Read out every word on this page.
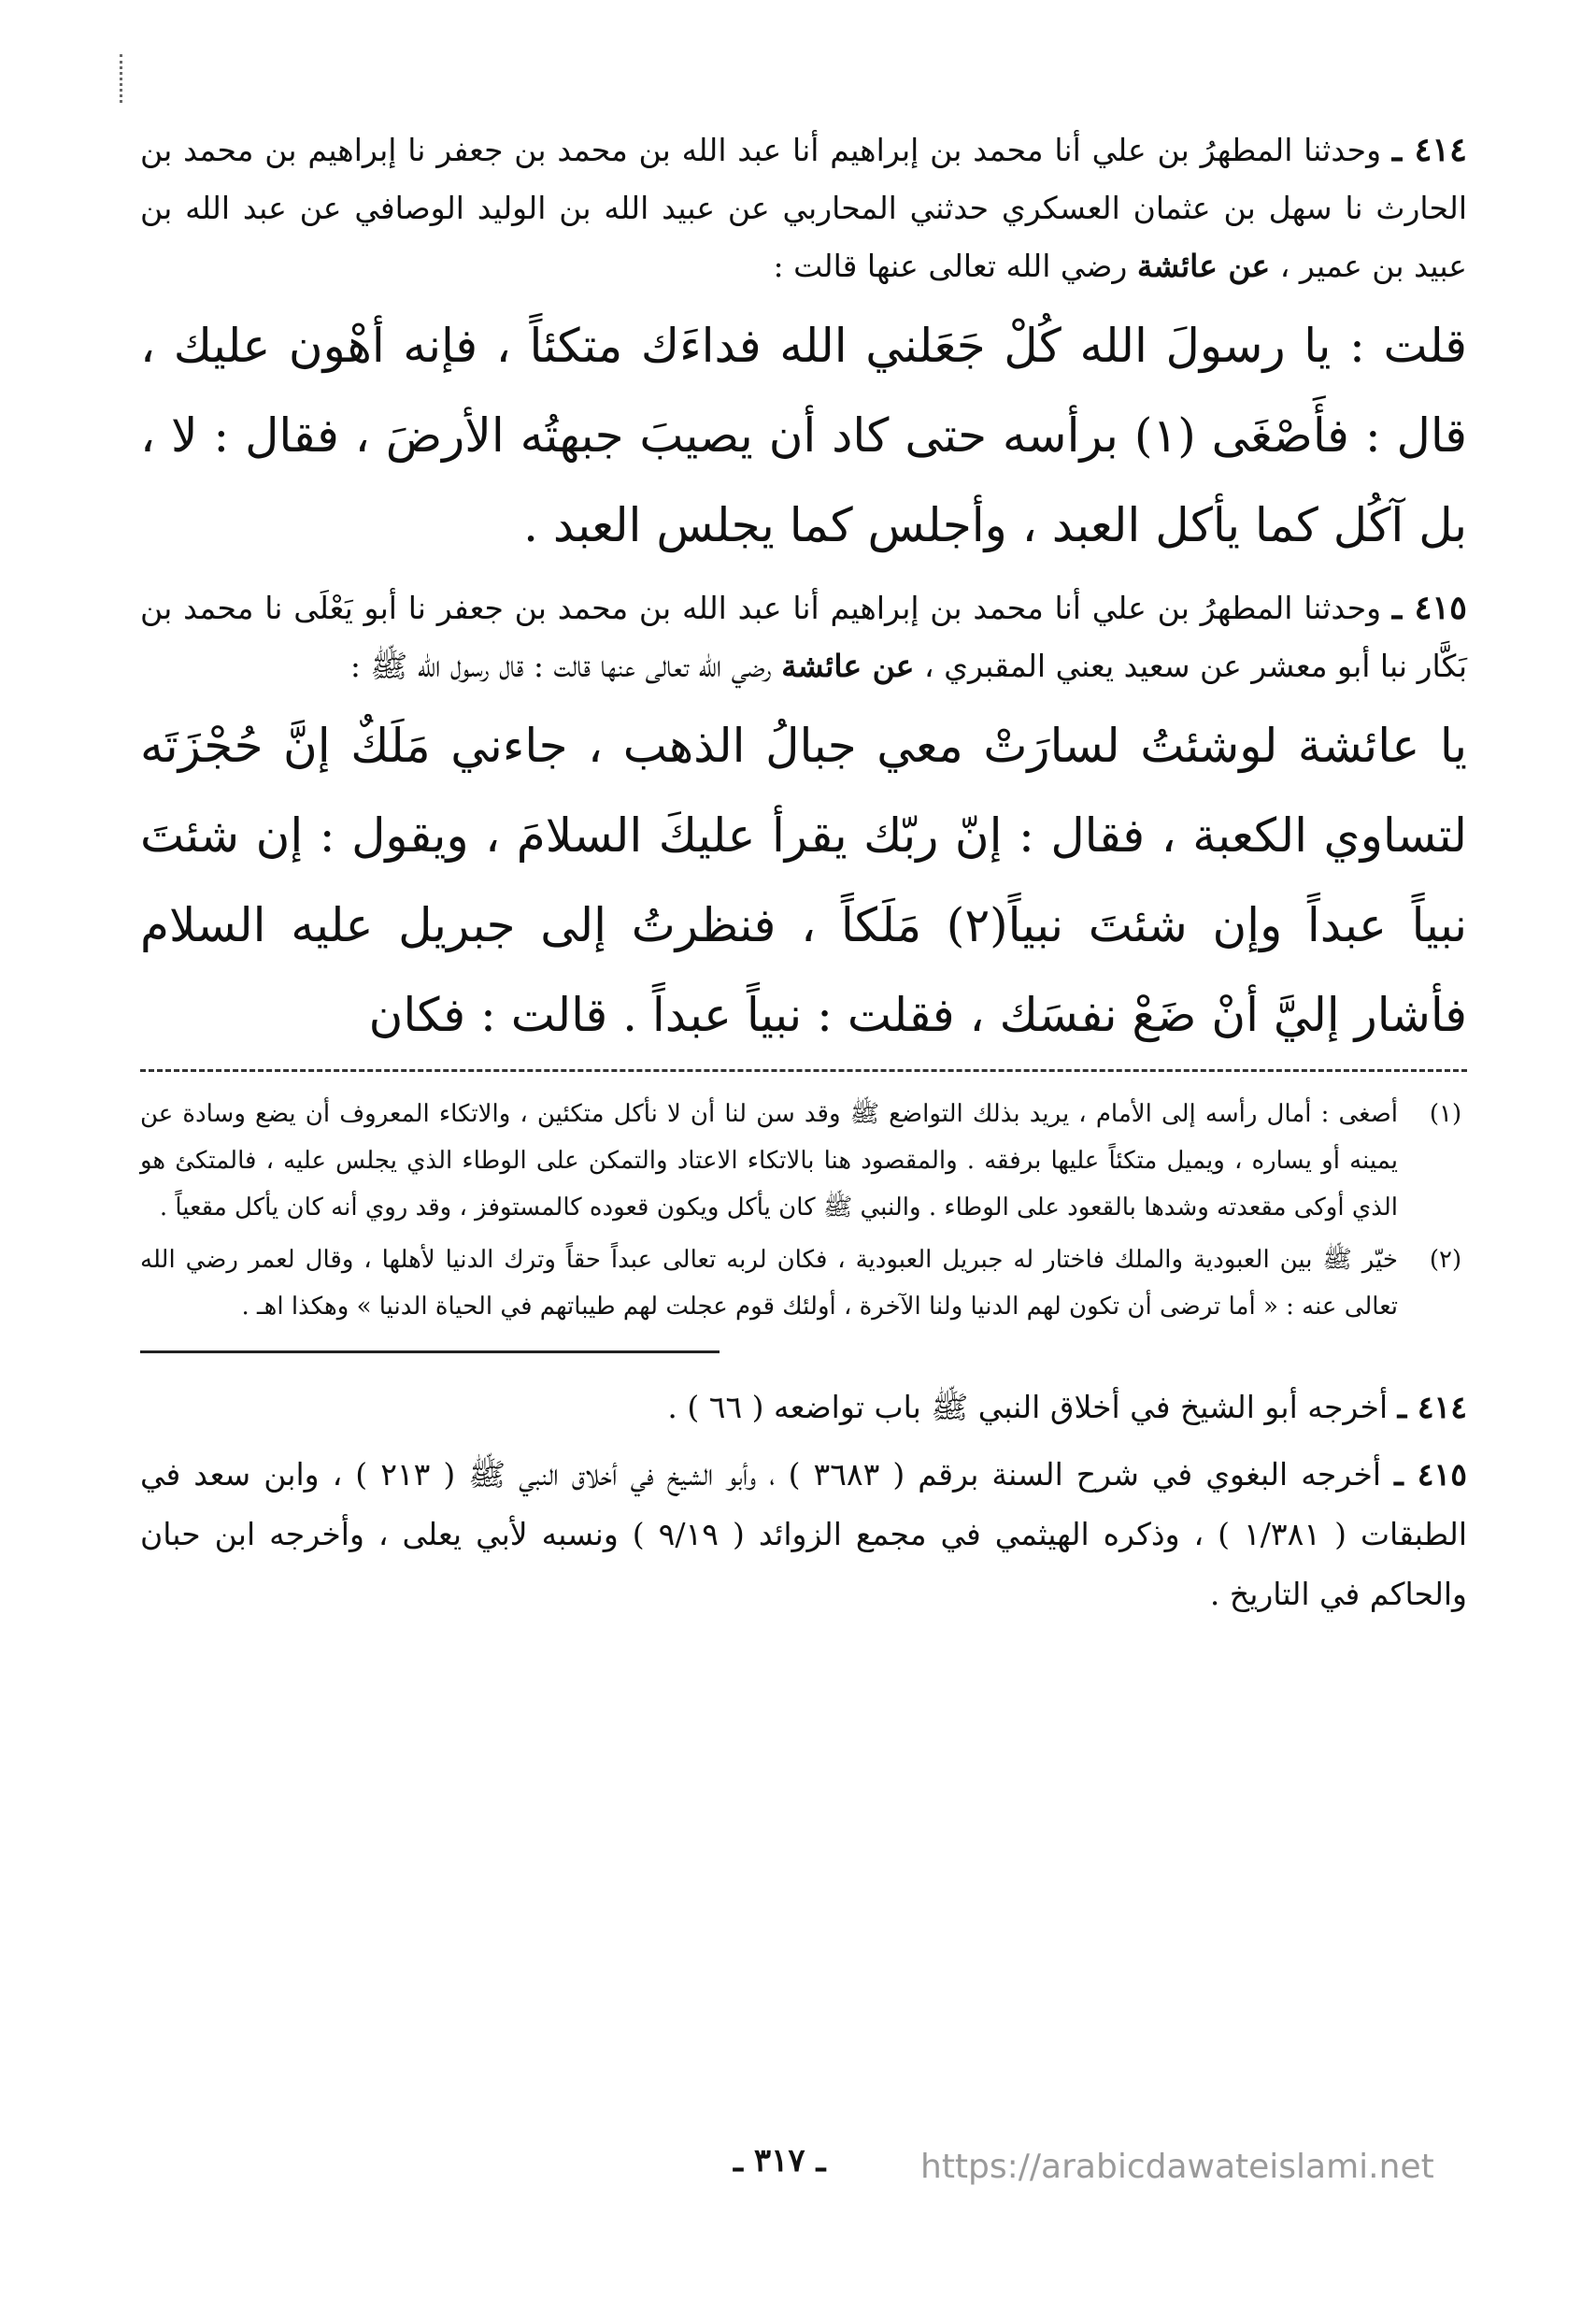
٤١٤ ـ وحدثنا المطهرُ بن علي أنا محمد بن إبراهيم أنا عبد الله بن محمد بن جعفر نا إبراهيم بن محمد بن الحارث نا سهل بن عثمان العسكري حدثني المحاربي عن عبيد الله بن الوليد الوصافي عن عبد الله بن عبيد بن عمير ، عن عائشة رضي الله تعالى عنها قالت :

قلت : يا رسولَ الله كُلْ جَعَلني الله فداءَك متكئاً ، فإنه أهْون عليك ، قال : فأَصْغَى (١) برأسه حتى كاد أن يصيبَ جبهتُه الأرضَ ، فقال : لا ، بل آكُل كما يأكل العبد ، وأجلس كما يجلس العبد .

٤١٥ ـ وحدثنا المطهرُ بن علي أنا محمد بن إبراهيم أنا عبد الله بن محمد بن جعفر نا أبو يَعْلَى نا محمد بن بَكَّار نبا أبو معشر عن سعيد يعني المقبري ، عن عائشة رضي الله تعالى عنها قالت : قال رسول الله ﷺ :

يا عائشة لوشئتُ لسارَتْ معي جبالُ الذهب ، جاءني مَلَكٌ إنَّ حُجْزَتَه لتساوي الكعبة ، فقال : إنّ ربّك يقرأ عليكَ السلامَ ، ويقول : إن شئتَ نبياً عبداً وإن شئتَ نبياً(٢) مَلَكاً ، فنظرتُ إلى جبريل عليه السلام فأشار إليَّ أنْ ضَعْ نفسَك ، فقلت : نبياً عبداً . قالت : فكان

(١)
أصغى : أمال رأسه إلى الأمام ، يريد بذلك التواضع ﷺ وقد سن لنا أن لا نأكل متكئين ، والاتكاء المعروف أن يضع وسادة عن يمينه أو يساره ، ويميل متكئاً عليها برفقه . والمقصود هنا بالاتكاء الاعتاد والتمكن على الوطاء الذي يجلس عليه ، فالمتكئ هو الذي أوكى مقعدته وشدها بالقعود على الوطاء . والنبي ﷺ كان يأكل ويكون قعوده كالمستوفز ، وقد روي أنه كان يأكل مقعياً .
(٢)
خيّر ﷺ بين العبودية والملك فاختار له جبريل العبودية ، فكان لربه تعالى عبداً حقاً وترك الدنيا لأهلها ، وقال لعمر رضي الله تعالى عنه : « أما ترضى أن تكون لهم الدنيا ولنا الآخرة ، أولئك قوم عجلت لهم طيباتهم في الحياة الدنيا » وهكذا اهـ .

٤١٤ ـ أخرجه أبو الشيخ في أخلاق النبي ﷺ باب تواضعه ( ٦٦ ) .

٤١٥ ـ أخرجه البغوي في شرح السنة برقم ( ٣٦٨٣ ) ، وأبو الشيخ في أخلاق النبي ﷺ ( ٢١٣ ) ، وابن سعد في الطبقات ( ١/٣٨١ ) ، وذكره الهيثمي في مجمع الزوائد ( ٩/١٩ ) ونسبه لأبي يعلى ، وأخرجه ابن حبان والحاكم في التاريخ .

ـ ٣١٧ ـ	https://arabicdawateislami.net
